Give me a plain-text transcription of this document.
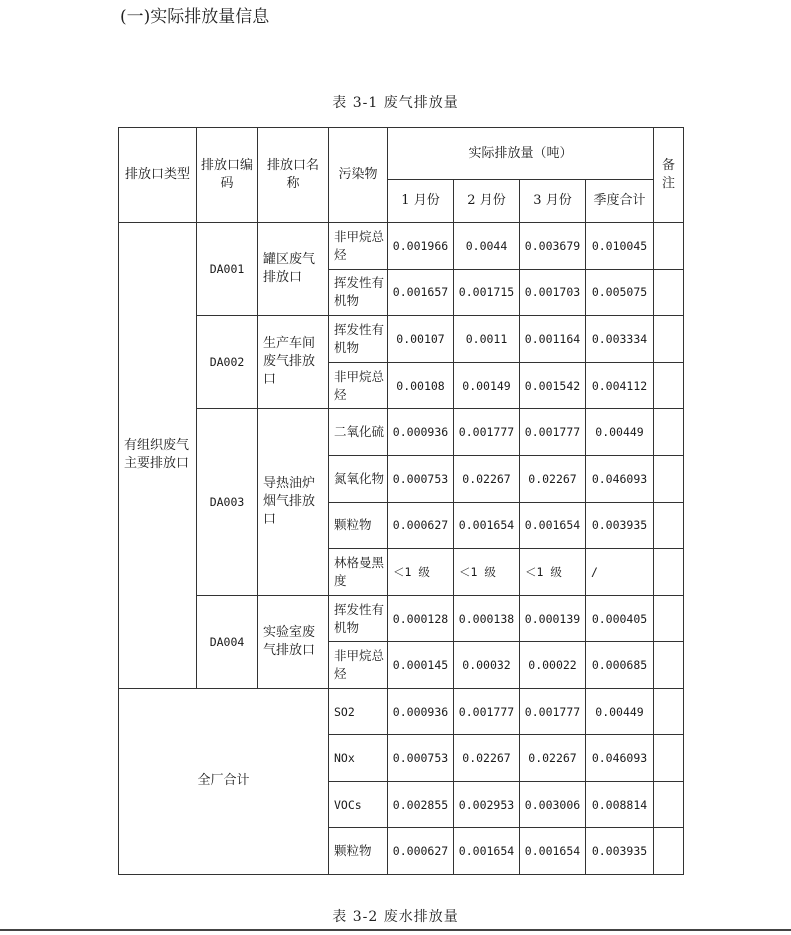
(一)实际排放量信息
表 3-1 废气排放量
排放口类型	排放口编码	排放口名称	污染物	实际排放量（吨）				备注
				1 月份	2 月份	3 月份	季度合计	
有组织废气主要排放口	DA001	罐区废气排放口	非甲烷总烃	0.001966	0.0044	0.003679	0.010045	
			挥发性有机物	0.001657	0.001715	0.001703	0.005075	
	DA002	生产车间废气排放口	挥发性有机物	0.00107	0.0011	0.001164	0.003334	
			非甲烷总烃	0.00108	0.00149	0.001542	0.004112	
	DA003	导热油炉烟气排放口	二氧化硫	0.000936	0.001777	0.001777	0.00449	
			氮氧化物	0.000753	0.02267	0.02267	0.046093	
			颗粒物	0.000627	0.001654	0.001654	0.003935	
			林格曼黑度	＜1 级	＜1 级	＜1 级	/	
	DA004	实验室废气排放口	挥发性有机物	0.000128	0.000138	0.000139	0.000405	
			非甲烷总烃	0.000145	0.00032	0.00022	0.000685	
全厂合计			SO2	0.000936	0.001777	0.001777	0.00449	
			NOx	0.000753	0.02267	0.02267	0.046093	
			VOCs	0.002855	0.002953	0.003006	0.008814	
			颗粒物	0.000627	0.001654	0.001654	0.003935	
表 3-2 废水排放量
